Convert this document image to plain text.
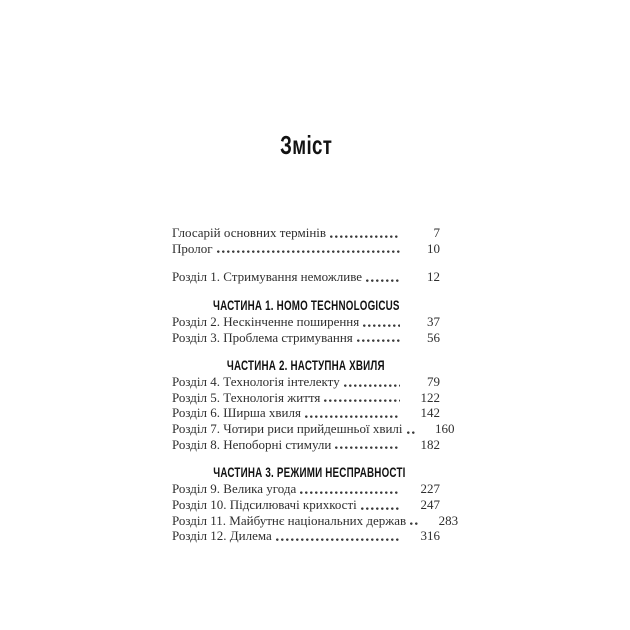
Зміст
Глосарій основних термінів	7
Пролог	10
Розділ 1. Стримування неможливе	12
ЧАСТИНА 1. HOMO TECHNOLOGICUS
Розділ 2. Нескінченне поширення	37
Розділ 3. Проблема стримування	56
ЧАСТИНА 2. НАСТУПНА ХВИЛЯ
Розділ 4. Технологія інтелекту	79
Розділ 5. Технологія життя	122
Розділ 6. Ширша хвиля	142
Розділ 7. Чотири риси прийдешньої хвилі	160
Розділ 8. Непоборні стимули	182
ЧАСТИНА 3. РЕЖИМИ НЕСПРАВНОСТІ
Розділ 9. Велика угода	227
Розділ 10. Підсилювачі крихкості	247
Розділ 11. Майбутнє національних держав	283
Розділ 12. Дилема	316
